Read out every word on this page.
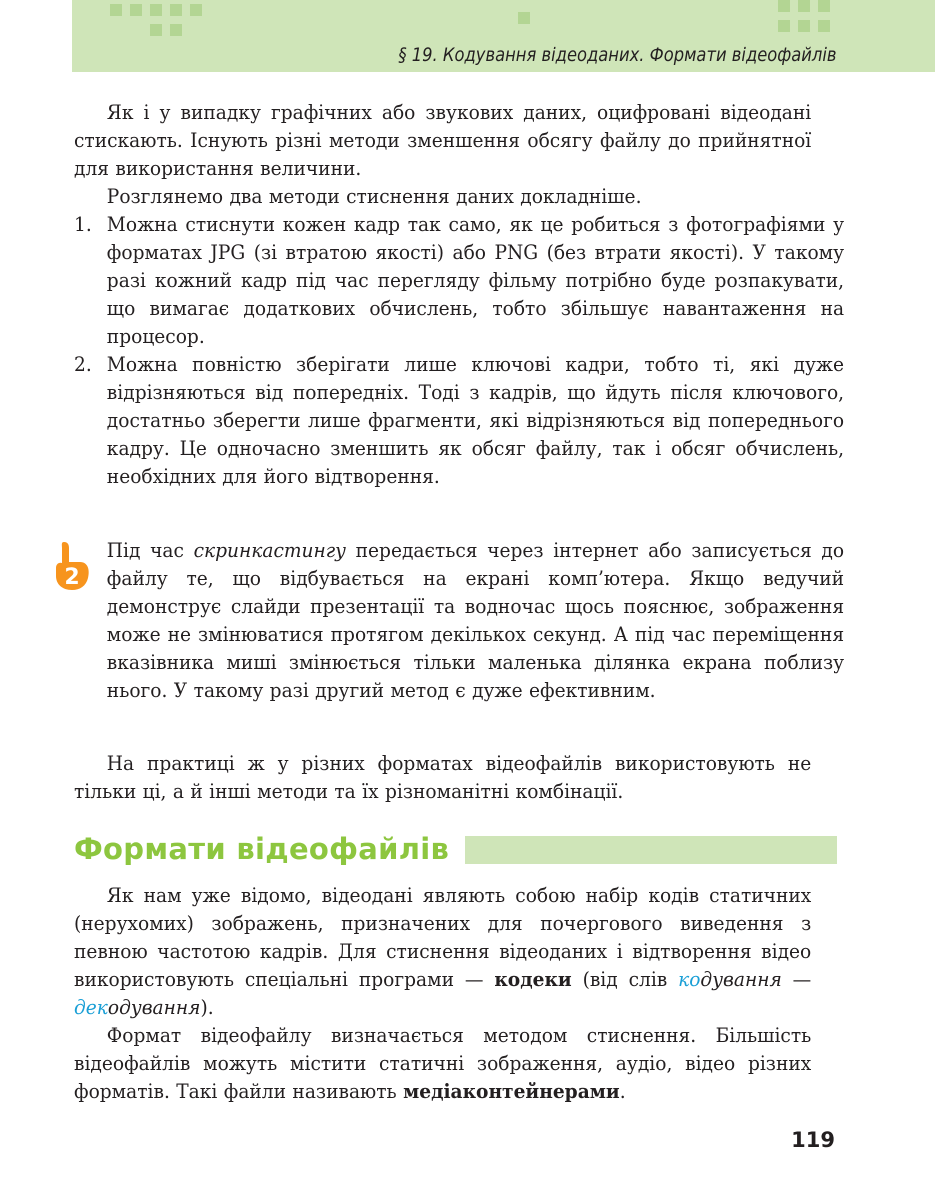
§ 19. Кодування відеоданих. Формати відеофайлів

Як і у випадку графічних або звукових даних, оцифровані відеодані стискають. Існують різні методи зменшення обсягу файлу до прийнятної для використання величини.

Розглянемо два методи стиснення даних докладніше.

1. Можна стиснути кожен кадр так само, як це робиться з фотографіями у форматах JPG (зі втратою якості) або PNG (без втрати якості). У такому разі кожний кадр під час перегляду фільму потрібно буде розпакувати, що вимагає додаткових обчислень, тобто збільшує навантаження на процесор.

2. Можна повністю зберігати лише ключові кадри, тобто ті, які дуже відрізняються від попередніх. Тоді з кадрів, що йдуть після ключового, достатньо зберегти лише фрагменти, які відрізняються від попереднього кадру. Це одночасно зменшить як обсяг файлу, так і обсяг обчислень, необхідних для його відтворення.

2

Під час скринкастингу передається через інтернет або записується до файлу те, що відбувається на екрані комп’ютера. Якщо ведучий демонструє слайди презентації та водночас щось пояснює, зображення може не змінюватися протягом декількох секунд. А під час переміщення вказівника миші змінюється тільки маленька ділянка екрана поблизу нього. У такому разі другий метод є дуже ефективним.

На практиці ж у різних форматах відеофайлів використовують не тільки ці, а й інші методи та їх різноманітні комбінації.

Формати відеофайлів

Як нам уже відомо, відеодані являють собою набір кодів статичних (нерухомих) зображень, призначених для почергового виведення з певною частотою кадрів. Для стиснення відеоданих і відтворення відео використовують спеціальні програми — кодеки (від слів кодування — декодування).

Формат відеофайлу визначається методом стиснення. Більшість відеофайлів можуть містити статичні зображення, аудіо, відео різних форматів. Такі файли називають медіаконтейнерами.

119
